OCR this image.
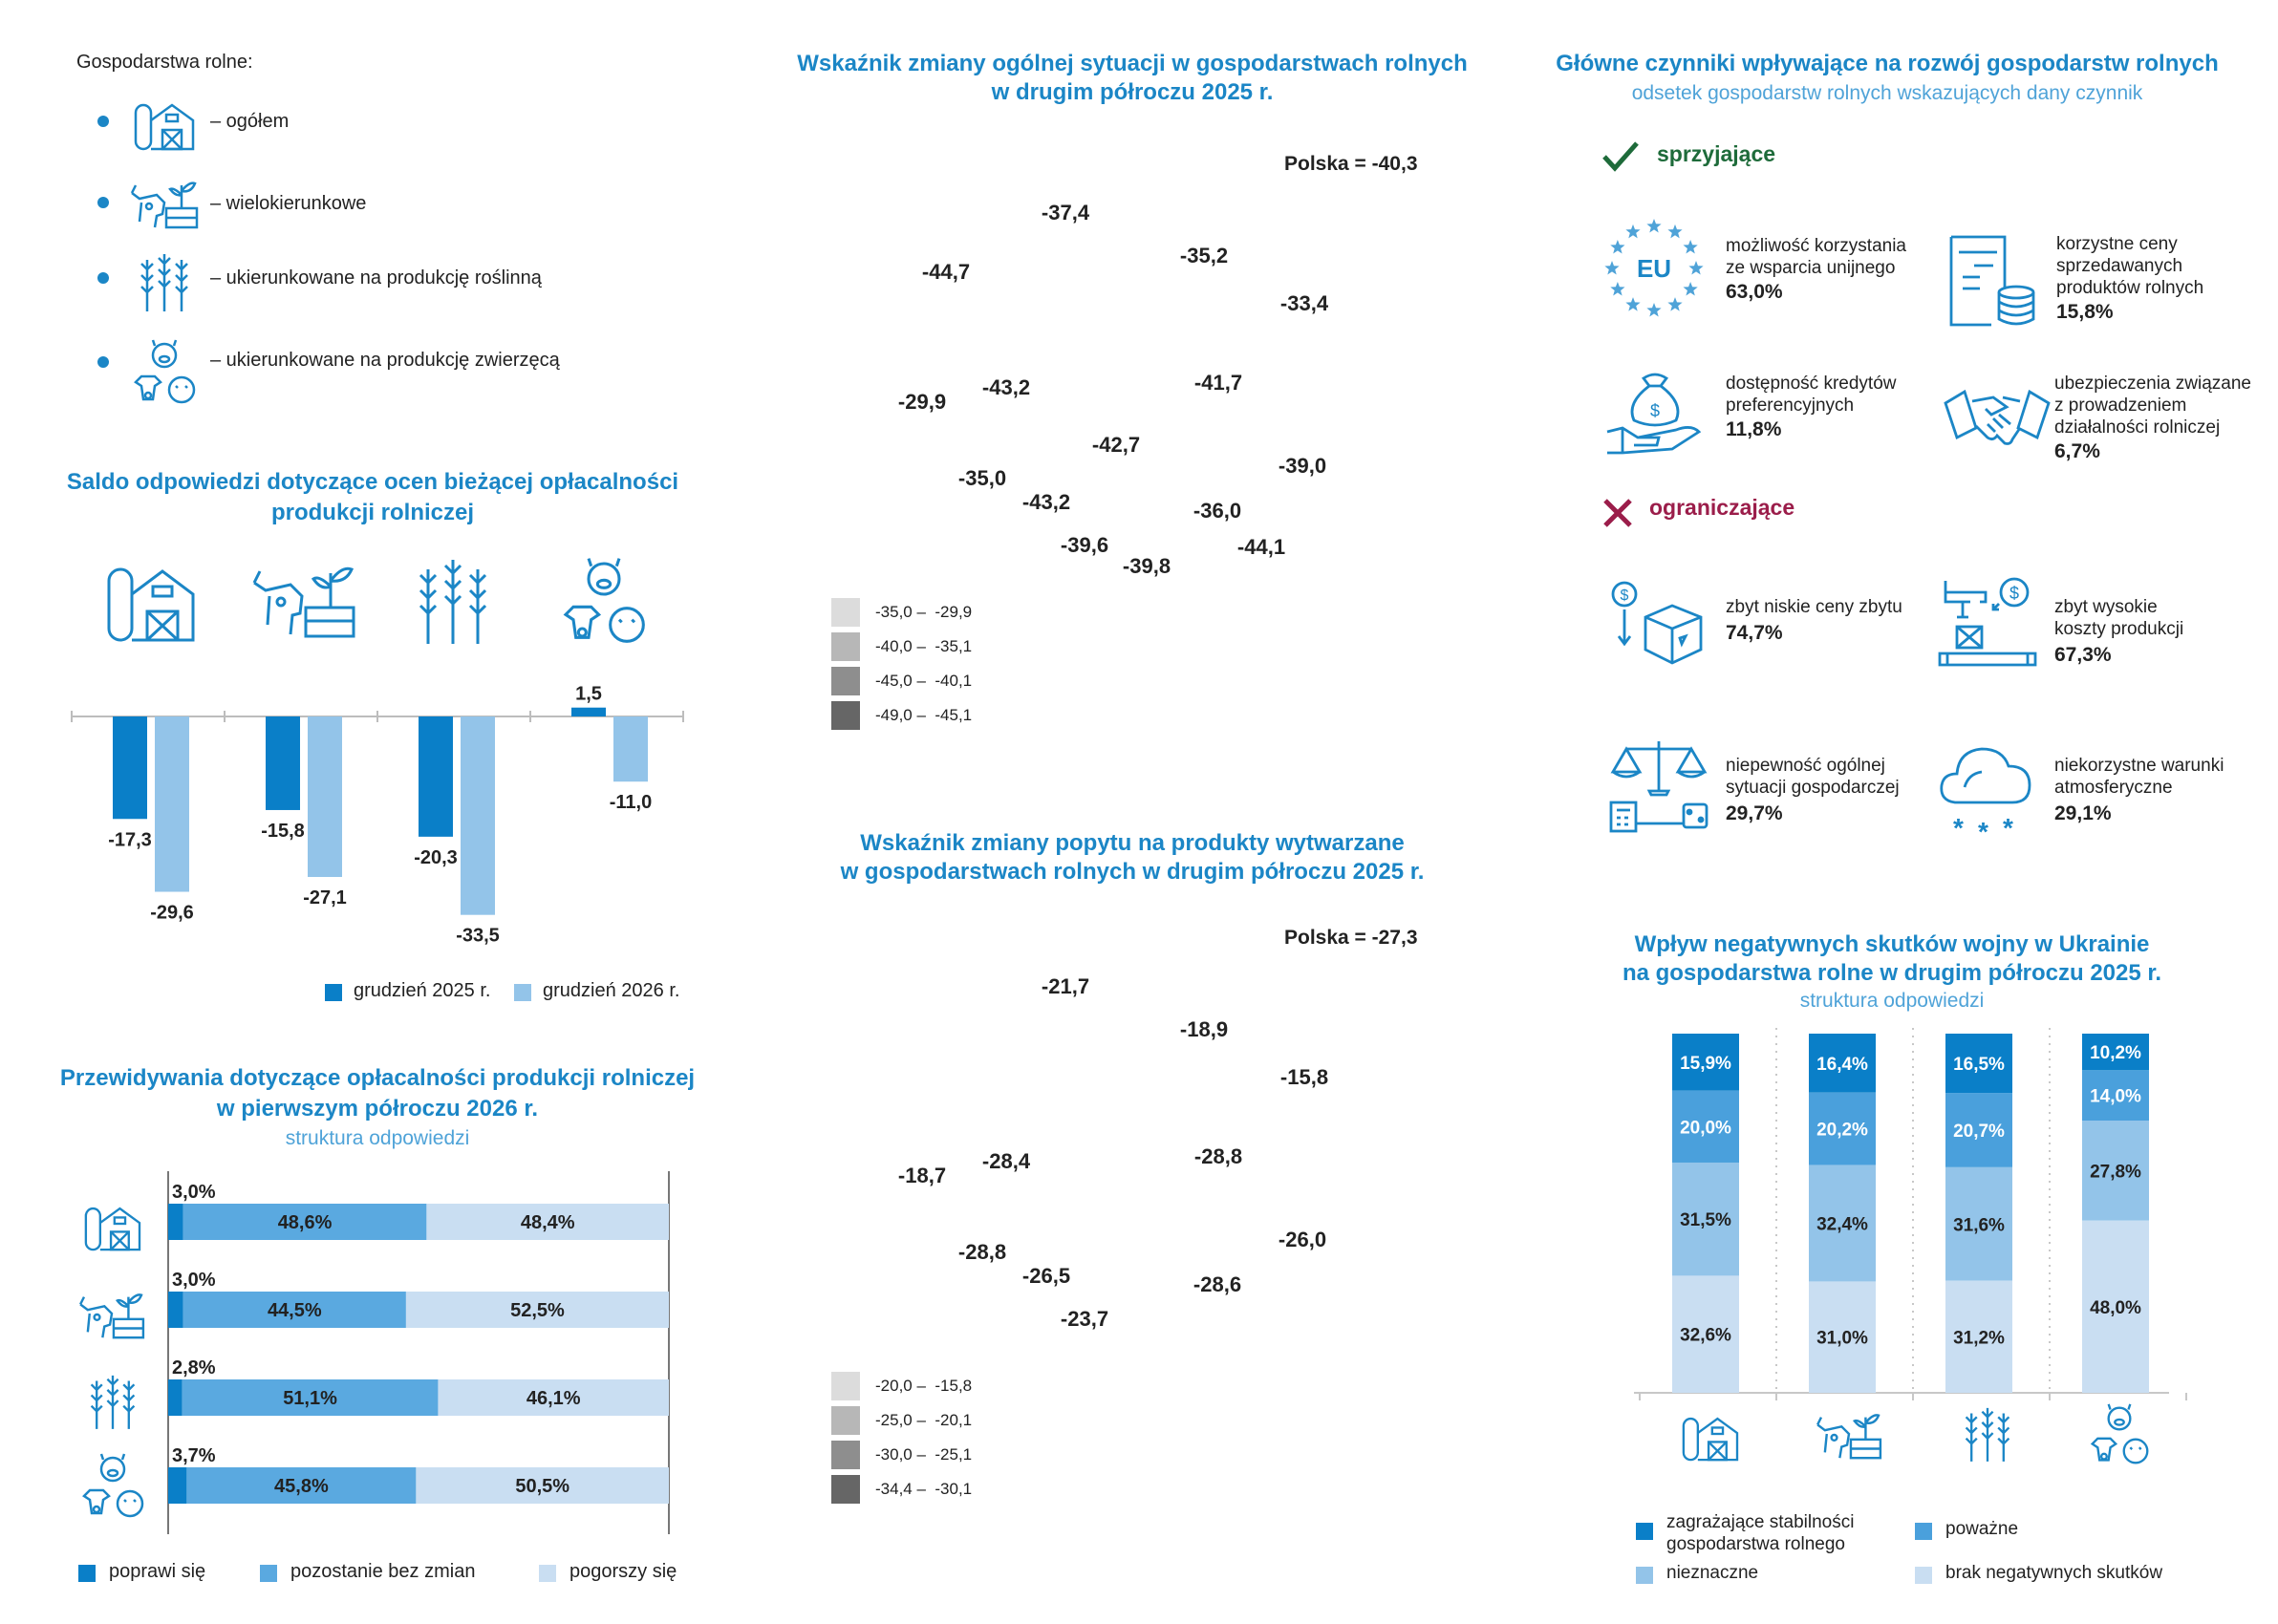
Gospodarstwa rolne:
– ogółem
– wielokierunkowe
– ukierunkowane na produkcję roślinną
– ukierunkowane na produkcję zwierzęcą
Saldo odpowiedzi dotyczące ocen bieżącej opłacalności
produkcji rolniczej
-17,3
-29,6
-15,8
-27,1
-20,3
-33,5
1,5
-11,0
grudzień 2025 r.	grudzień 2026 r.
Przewidywania dotyczące opłacalności produkcji rolniczej
w pierwszym półroczu 2026 r.
struktura odpowiedzi
3,0%
48,6%	48,4%
3,0%
44,5%	52,5%
2,8%
51,1%	46,1%
3,7%
45,8%	50,5%
poprawi się	pozostanie bez zmian	pogorszy się
Wskaźnik zmiany ogólnej sytuacji w gospodarstwach rolnych
w drugim półroczu 2025 r.
Polska = -40,3
-44,7
-37,4
-35,2
-33,4
-49,0
-29,9
-43,2	-41,7
-42,7
-35,0
-39,0
-43,2	-36,0
-39,6
-39,8
-44,1
-35,0 –  -29,9
-40,0 –  -35,1
-45,0 –  -40,1
-49,0 –  -45,1
Wskaźnik zmiany popytu na produkty wytwarzane
w gospodarstwach rolnych w drugim półroczu 2025 r.
Polska = -27,3
-34,4
-21,7
-18,9
-15,8
-31,2
-18,7
-28,4	-28,8
-30,8
-28,8
-26,0
-26,5	-28,6
-23,7
-34,5
-31,4
-20,0 –  -15,8
-25,0 –  -20,1
-30,0 –  -25,1
-34,4 –  -30,1
Główne czynniki wpływające na rozwój gospodarstw rolnych
odsetek gospodarstw rolnych wskazujących dany czynnik
sprzyjające
EU
możliwość korzystania
ze wsparcia unijnego
63,0%
korzystne ceny
sprzedawanych
produktów rolnych
15,8%
$
dostępność kredytów
preferencyjnych
11,8%
ubezpieczenia związane
z prowadzeniem
działalności rolniczej
6,7%
ograniczające
$
zbyt niskie ceny zbytu
74,7%
$
zbyt wysokie
koszty produkcji
67,3%
niepewność ogólnej
sytuacji gospodarczej
29,7%	* * *
niekorzystne warunki
atmosferyczne
29,1%
Wpływ negatywnych skutków wojny w Ukrainie
na gospodarstwa rolne w drugim półroczu 2025 r.
struktura odpowiedzi
15,9%
20,0%
31,5%
32,6%
16,4%
20,2%
32,4%
31,0%
16,5%
20,7%
31,6%
31,2%
10,2%
14,0%
27,8%
48,0%
zagrażające stabilności
gospodarstwa rolnego
poważne
nieznaczne	brak negatywnych skutków
